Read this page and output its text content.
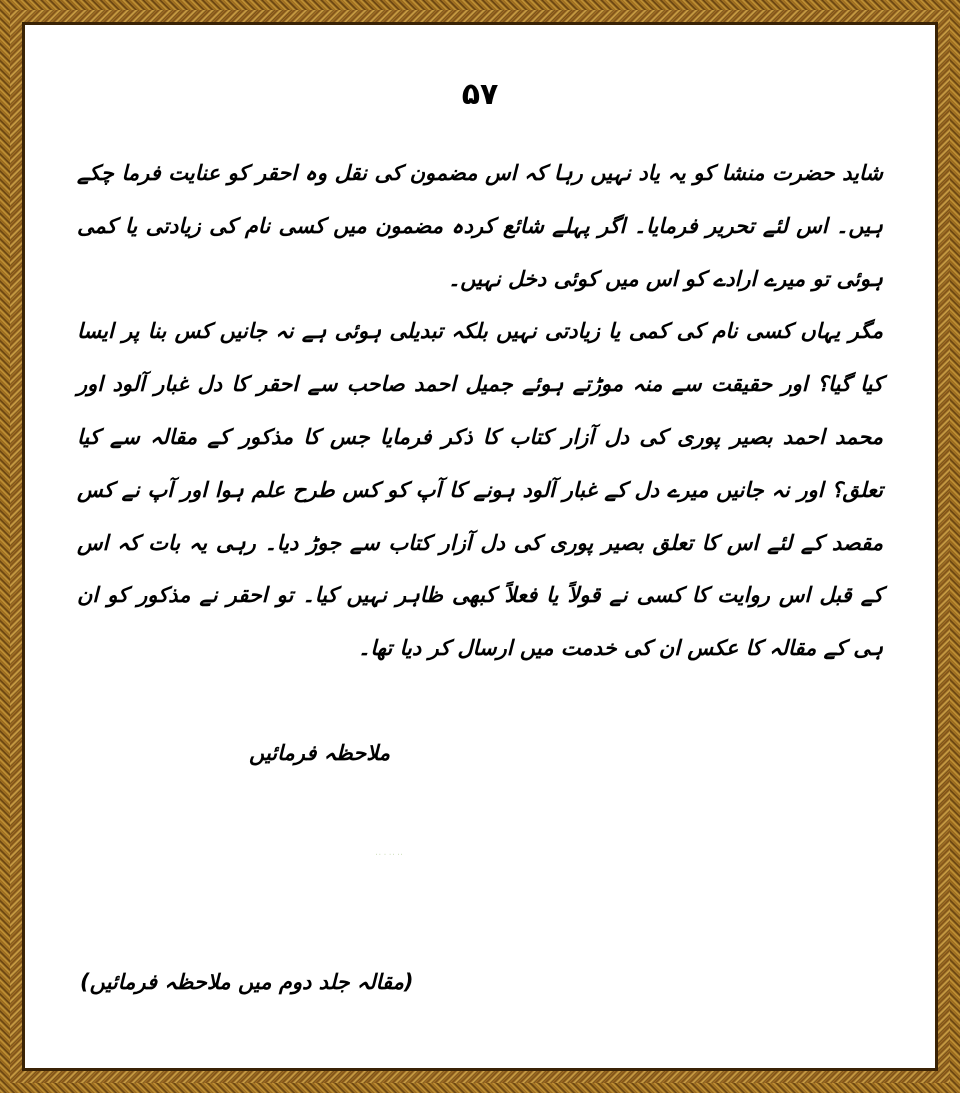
۵۷

شاید حضرت منشا کو یہ یاد نہیں رہا کہ اس مضمون کی نقل وہ احقر کو عنایت فرما چکے ہیں۔ اس لئے تحریر فرمایا۔ اگر پہلے شائع کردہ مضمون میں کسی نام کی زیادتی یا کمی ہوئی تو میرے ارادے کو اس میں کوئی دخل نہیں۔

مگر یہاں کسی نام کی کمی یا زیادتی نہیں بلکہ تبدیلی ہوئی ہے نہ جانیں کس بنا پر ایسا کیا گیا؟ اور حقیقت سے منہ موڑتے ہوئے جمیل احمد صاحب سے احقر کا دل غبار آلود اور محمد احمد بصیر پوری کی دل آزار کتاب کا ذکر فرمایا جس کا مذکور کے مقالہ سے کیا تعلق؟ اور نہ جانیں میرے دل کے غبار آلود ہونے کا آپ کو کس طرح علم ہوا اور آپ نے کس مقصد کے لئے اس کا تعلق بصیر پوری کی دل آزار کتاب سے جوڑ دیا۔ رہی یہ بات کہ اس کے قبل اس روایت کا کسی نے قولاً یا فعلاً کبھی ظاہر نہیں کیا۔ تو احقر نے مذکور کو ان ہی کے مقالہ کا عکس ان کی خدمت میں ارسال کر دیا تھا۔

ملاحظہ فرمائیں
۰۰ ۰ ۰۰ ۰۰
(مقالہ جلد دوم میں ملاحظہ فرمائیں)
